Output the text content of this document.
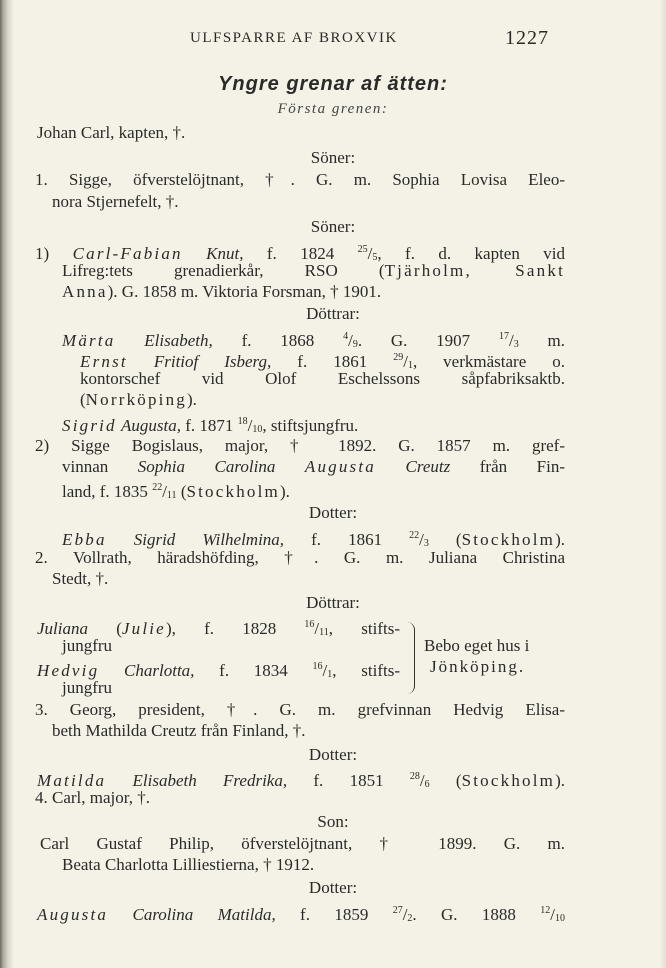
ULFSPARRE AF BROXVIK	1227
Yngre grenar af ätten:
Första grenen:
Johan Carl, kapten, †.
Söner:
1. Sigge, öfverstelöjtnant, †. G. m. Sophia Lovisa Eleo-
nora Stjernefelt, †.
Söner:
1) Carl-Fabian Knut, f. 1824 $^{25}$/5, f. d. kapten vid
Lifreg:tets grenadierkår, RSO (Tjärholm, Sankt
Anna). G. 1858 m. Viktoria Forsman, † 1901.
Döttrar:
Märta Elisabeth, f. 1868 $^4$/9. G. 1907 $^{17}$/3 m.
Ernst Fritiof Isberg, f. 1861 $^{29}$/1, verkmästare o.
kontorschef vid Olof Eschelssons såpfabriksaktb.
(Norrköping).
Sigrid Augusta, f. 1871 $^{18}$/10, stiftsjungfru.
2) Sigge Bogislaus, major, † 1892. G. 1857 m. gref-
vinnan Sophia Carolina Augusta Creutz från Fin-
land, f. 1835 $^{22}$/11 (Stockholm).
Dotter:
Ebba Sigrid Wilhelmina, f. 1861 $^{22}$/3 (Stockholm).
2. Vollrath, häradshöfding, †. G. m. Juliana Christina
Stedt, †.
Döttrar:
Juliana (Julie), f. 1828 $^{16}$/11, stifts-
jungfru
Hedvig Charlotta, f. 1834 $^{16}$/1, stifts-
jungfru
3. Georg, president, †. G. m. grefvinnan Hedvig Elisa-
beth Mathilda Creutz från Finland, †.
Dotter:
Matilda Elisabeth Fredrika, f. 1851 $^{28}$/6 (Stockholm).
4. Carl, major, †.
Son:
Carl Gustaf Philip, öfverstelöjtnant, † 1899. G. m.
Beata Charlotta Lilliestierna, † 1912.
Dotter:
Augusta Carolina Matilda, f. 1859 $^{27}$/2. G. 1888 $^{12}$/10
Bebo eget hus i
Jönköping.
